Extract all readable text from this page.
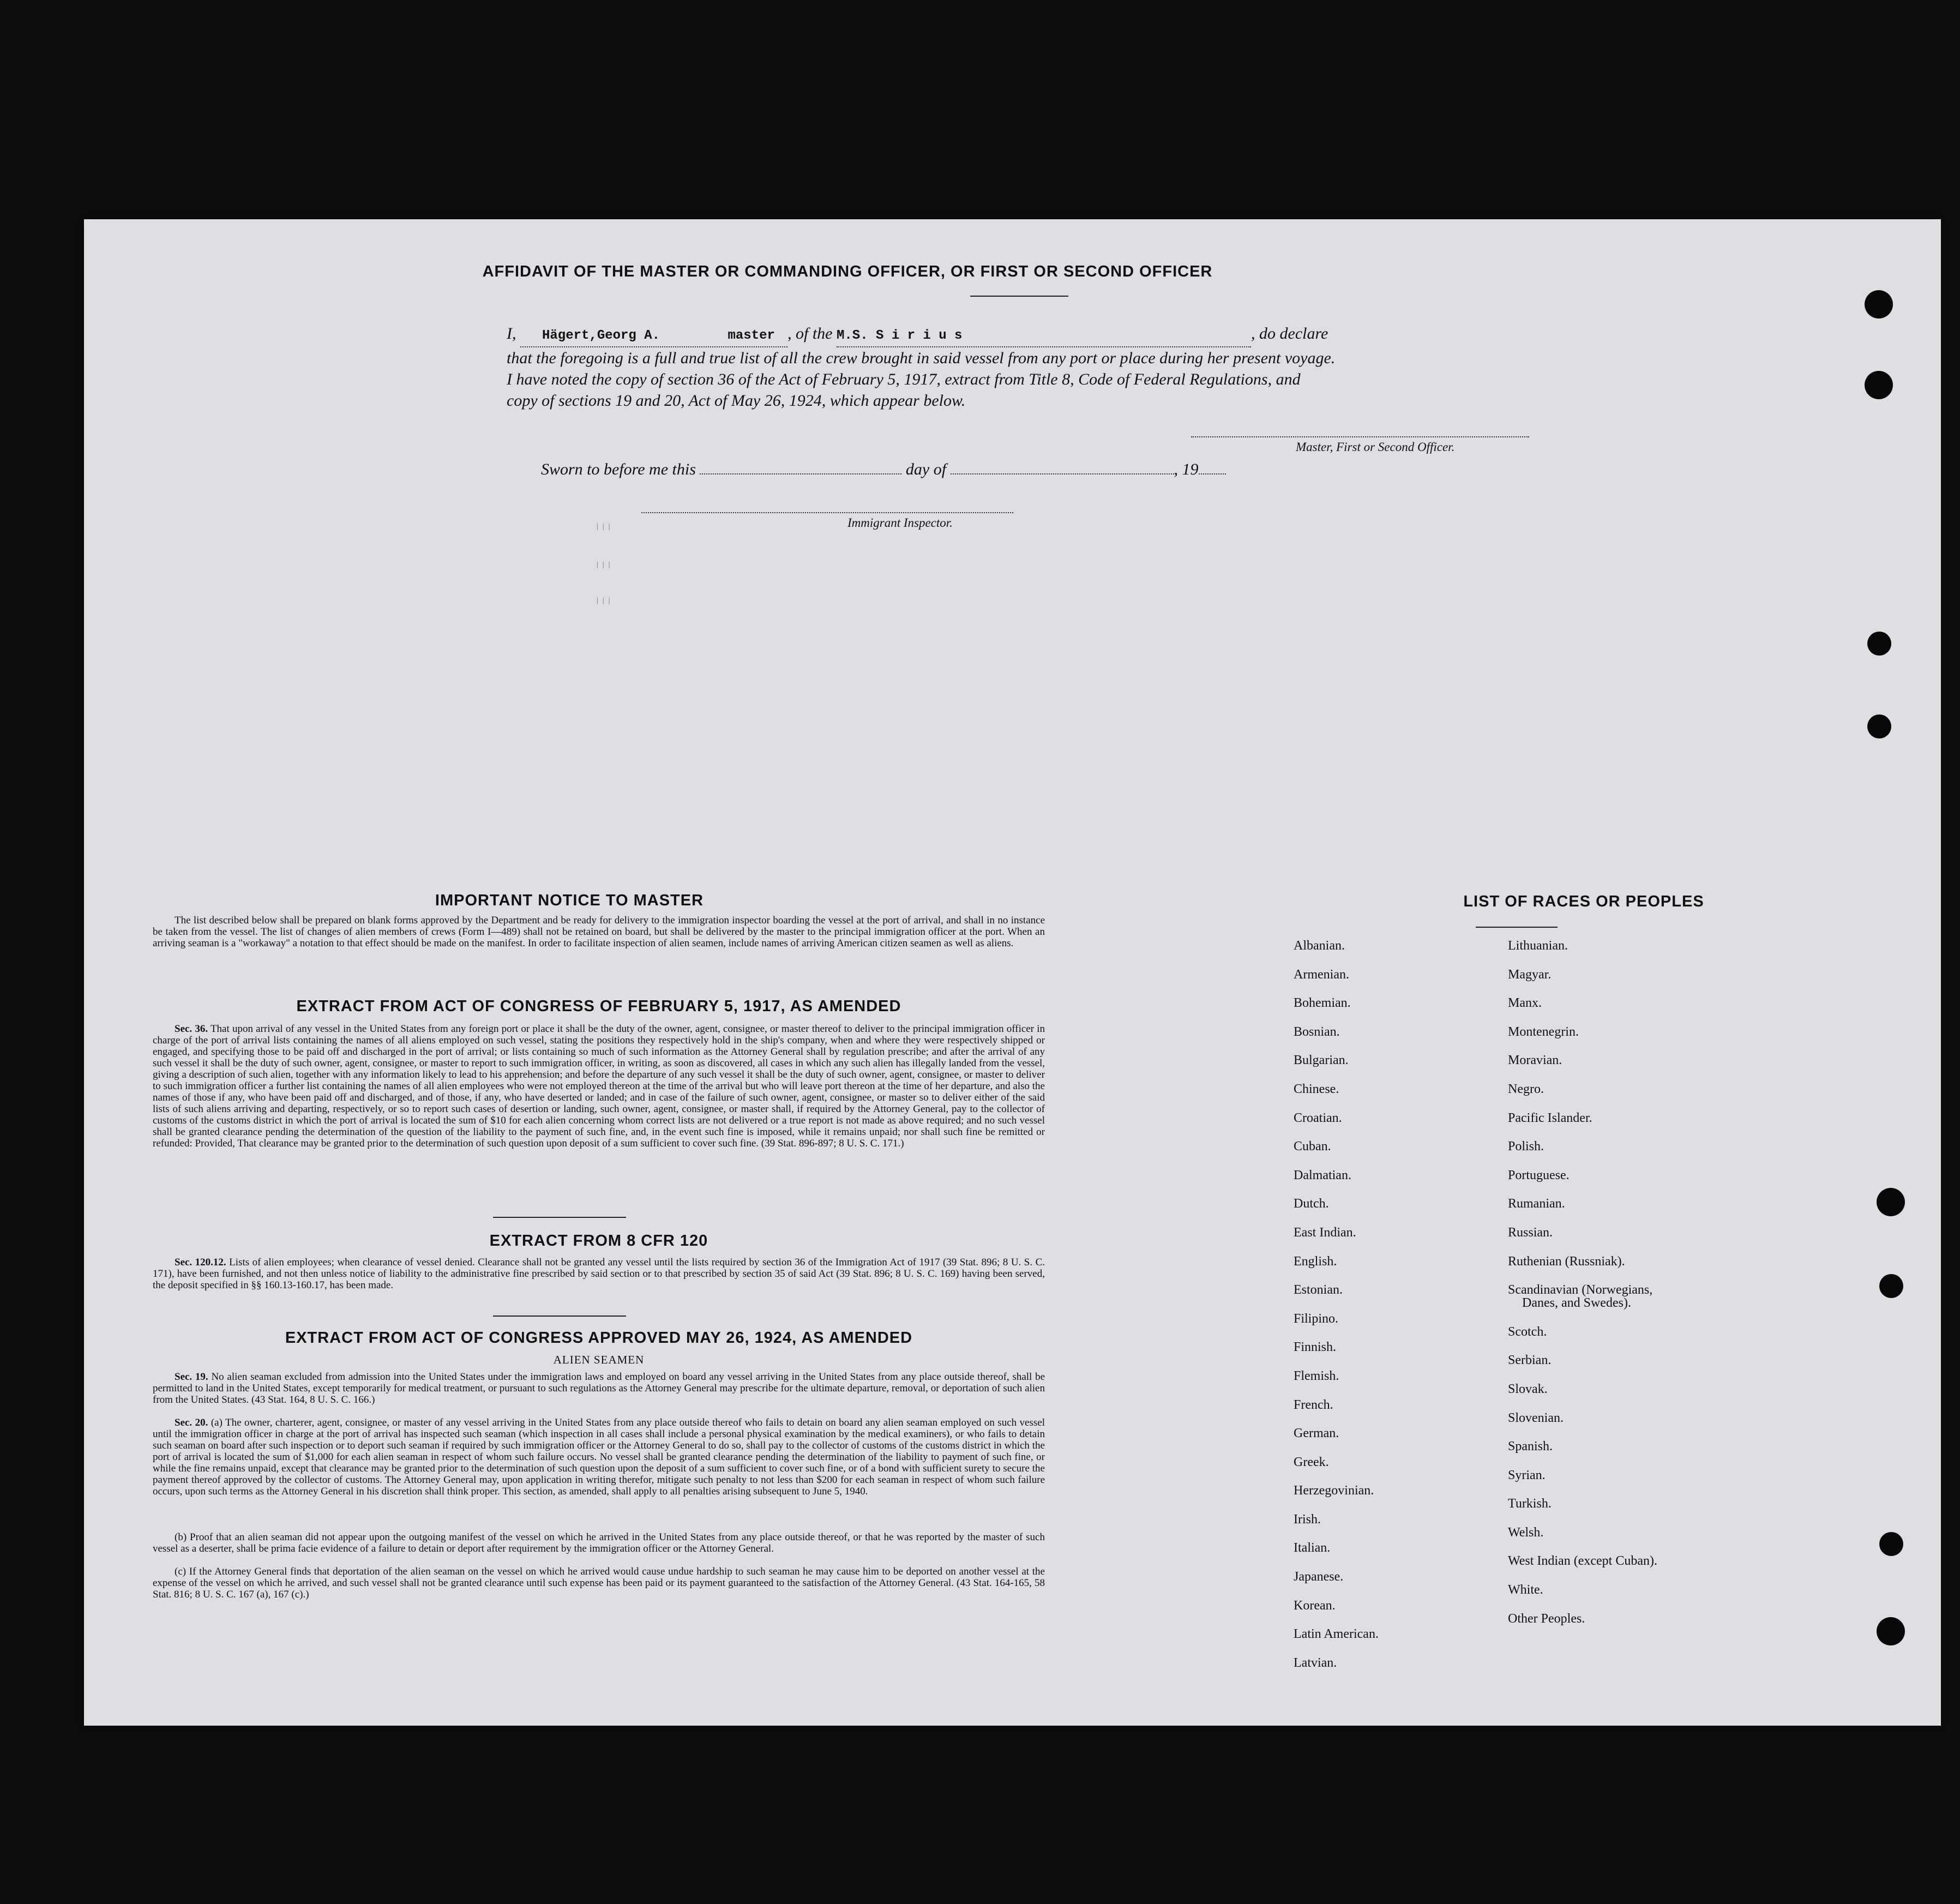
AFFIDAVIT OF THE MASTER OR COMMANDING OFFICER, OR FIRST OR SECOND OFFICER
I, Hägert,Georg A.	master , of the M.S. S i r i u s	, do declare
that the foregoing is a full and true list of all the crew brought in said vessel from any port or place during her present voyage.
I have noted the copy of section 36 of the Act of February 5, 1917, extract from Title 8, Code of Federal Regulations, and
copy of sections 19 and 20, Act of May 26, 1924, which appear below.
Master, First or Second Officer.
Sworn to before me this	day of	, 19
Immigrant Inspector.
|||
|||
|||
IMPORTANT NOTICE TO MASTER
The list described below shall be prepared on blank forms approved by the Department and be ready for delivery to the immigration inspector boarding the vessel at the port of arrival, and shall in no instance be taken from the vessel. The list of changes of alien members of crews (Form I—489) shall not be retained on board, but shall be delivered by the master to the principal immigration officer at the port. When an arriving seaman is a "workaway" a notation to that effect should be made on the manifest. In order to facilitate inspection of alien seamen, include names of arriving American citizen seamen as well as aliens.
EXTRACT FROM ACT OF CONGRESS OF FEBRUARY 5, 1917, AS AMENDED
Sec. 36. That upon arrival of any vessel in the United States from any foreign port or place it shall be the duty of the owner, agent, consignee, or master thereof to deliver to the principal immigration officer in charge of the port of arrival lists containing the names of all aliens employed on such vessel, stating the positions they respectively hold in the ship's company, when and where they were respectively shipped or engaged, and specifying those to be paid off and discharged in the port of arrival; or lists containing so much of such information as the Attorney General shall by regulation prescribe; and after the arrival of any such vessel it shall be the duty of such owner, agent, consignee, or master to report to such immigration officer, in writing, as soon as discovered, all cases in which any such alien has illegally landed from the vessel, giving a description of such alien, together with any information likely to lead to his apprehension; and before the departure of any such vessel it shall be the duty of such owner, agent, consignee, or master to deliver to such immigration officer a further list containing the names of all alien employees who were not employed thereon at the time of the arrival but who will leave port thereon at the time of her departure, and also the names of those if any, who have been paid off and discharged, and of those, if any, who have deserted or landed; and in case of the failure of such owner, agent, consignee, or master so to deliver either of the said lists of such aliens arriving and departing, respectively, or so to report such cases of desertion or landing, such owner, agent, consignee, or master shall, if required by the Attorney General, pay to the collector of customs of the customs district in which the port of arrival is located the sum of $10 for each alien concerning whom correct lists are not delivered or a true report is not made as above required; and no such vessel shall be granted clearance pending the determination of the question of the liability to the payment of such fine, and, in the event such fine is imposed, while it remains unpaid; nor shall such fine be remitted or refunded: Provided, That clearance may be granted prior to the determination of such question upon deposit of a sum sufficient to cover such fine. (39 Stat. 896-897; 8 U. S. C. 171.)
EXTRACT FROM 8 CFR 120
Sec. 120.12. Lists of alien employees; when clearance of vessel denied. Clearance shall not be granted any vessel until the lists required by section 36 of the Immigration Act of 1917 (39 Stat. 896; 8 U. S. C. 171), have been furnished, and not then unless notice of liability to the administrative fine prescribed by said section or to that prescribed by section 35 of said Act (39 Stat. 896; 8 U. S. C. 169) having been served, the deposit specified in §§ 160.13-160.17, has been made.
EXTRACT FROM ACT OF CONGRESS APPROVED MAY 26, 1924, AS AMENDED
ALIEN SEAMEN
Sec. 19. No alien seaman excluded from admission into the United States under the immigration laws and employed on board any vessel arriving in the United States from any place outside thereof, shall be permitted to land in the United States, except temporarily for medical treatment, or pursuant to such regulations as the Attorney General may prescribe for the ultimate departure, removal, or deportation of such alien from the United States. (43 Stat. 164, 8 U. S. C. 166.)
Sec. 20. (a) The owner, charterer, agent, consignee, or master of any vessel arriving in the United States from any place outside thereof who fails to detain on board any alien seaman employed on such vessel until the immigration officer in charge at the port of arrival has inspected such seaman (which inspection in all cases shall include a personal physical examination by the medical examiners), or who fails to detain such seaman on board after such inspection or to deport such seaman if required by such immigration officer or the Attorney General to do so, shall pay to the collector of customs of the customs district in which the port of arrival is located the sum of $1,000 for each alien seaman in respect of whom such failure occurs. No vessel shall be granted clearance pending the determination of the liability to payment of such fine, or while the fine remains unpaid, except that clearance may be granted prior to the determination of such question upon the deposit of a sum sufficient to cover such fine, or of a bond with sufficient surety to secure the payment thereof approved by the collector of customs. The Attorney General may, upon application in writing therefor, mitigate such penalty to not less than $200 for each seaman in respect of whom such failure occurs, upon such terms as the Attorney General in his discretion shall think proper. This section, as amended, shall apply to all penalties arising subsequent to June 5, 1940.
(b) Proof that an alien seaman did not appear upon the outgoing manifest of the vessel on which he arrived in the United States from any place outside thereof, or that he was reported by the master of such vessel as a deserter, shall be prima facie evidence of a failure to detain or deport after requirement by the immigration officer or the Attorney General.
(c) If the Attorney General finds that deportation of the alien seaman on the vessel on which he arrived would cause undue hardship to such seaman he may cause him to be deported on another vessel at the expense of the vessel on which he arrived, and such vessel shall not be granted clearance until such expense has been paid or its payment guaranteed to the satisfaction of the Attorney General. (43 Stat. 164-165, 58 Stat. 816; 8 U. S. C. 167 (a), 167 (c).)
LIST OF RACES OR PEOPLES
Albanian.
Armenian.
Bohemian.
Bosnian.
Bulgarian.
Chinese.
Croatian.
Cuban.
Dalmatian.
Dutch.
East Indian.
English.
Estonian.
Filipino.
Finnish.
Flemish.
French.
German.
Greek.
Herzegovinian.
Irish.
Italian.
Japanese.
Korean.
Latin American.
Latvian.
Lithuanian.
Magyar.
Manx.
Montenegrin.
Moravian.
Negro.
Pacific Islander.
Polish.
Portuguese.
Rumanian.
Russian.
Ruthenian (Russniak).
Scandinavian (Norwegians,
Danes, and Swedes).
Scotch.
Serbian.
Slovak.
Slovenian.
Spanish.
Syrian.
Turkish.
Welsh.
West Indian (except Cuban).
White.
Other Peoples.
